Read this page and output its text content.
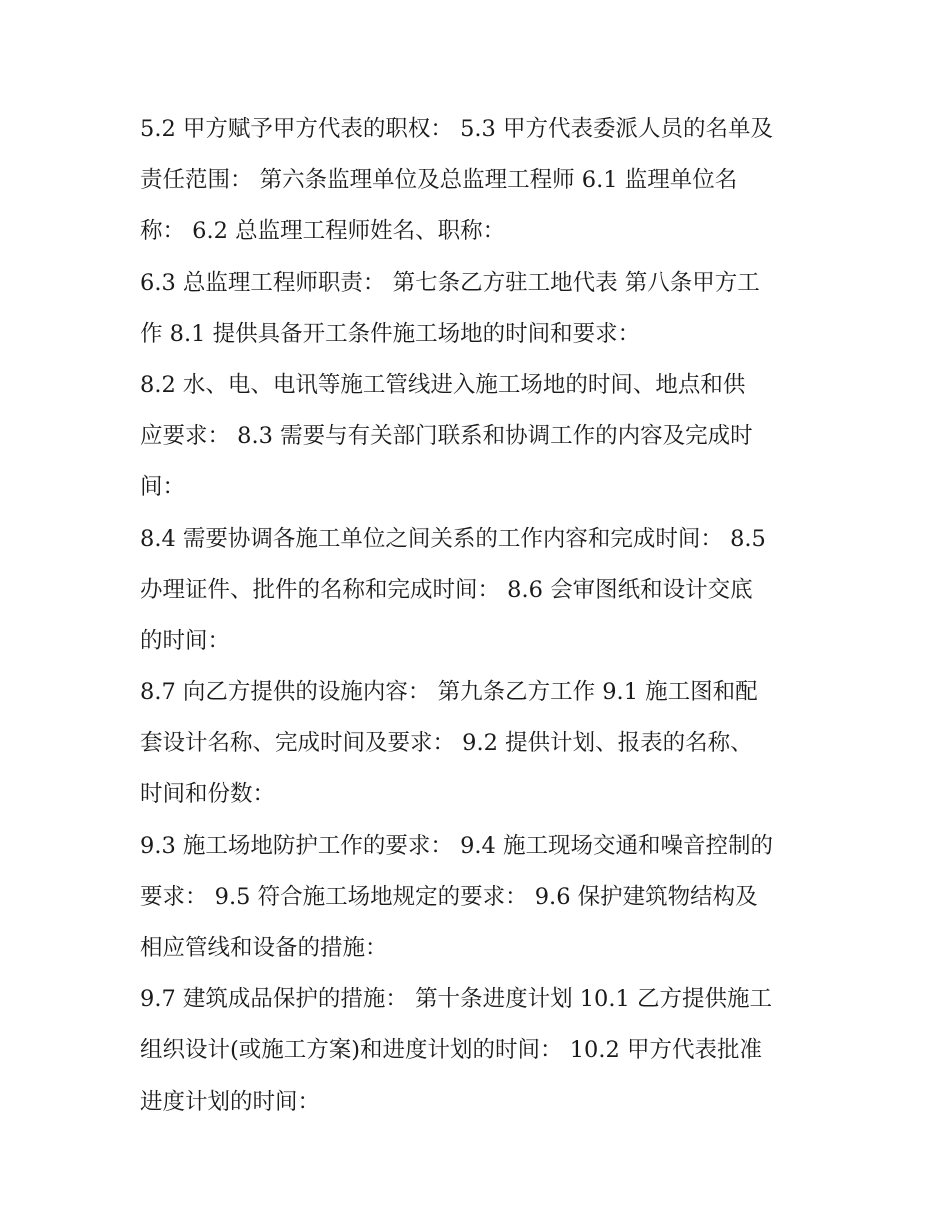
5.2 甲方赋予甲方代表的职权： 5.3 甲方代表委派人员的名单及
责任范围： 第六条监理单位及总监理工程师 6.1 监理单位名
称： 6.2 总监理工程师姓名、职称：
6.3 总监理工程师职责： 第七条乙方驻工地代表 第八条甲方工
作 8.1 提供具备开工条件施工场地的时间和要求：
8.2 水、电、电讯等施工管线进入施工场地的时间、地点和供
应要求： 8.3 需要与有关部门联系和协调工作的内容及完成时
间：
8.4 需要协调各施工单位之间关系的工作内容和完成时间： 8.5
办理证件、批件的名称和完成时间： 8.6 会审图纸和设计交底
的时间：
8.7 向乙方提供的设施内容： 第九条乙方工作 9.1 施工图和配
套设计名称、完成时间及要求： 9.2 提供计划、报表的名称、
时间和份数：
9.3 施工场地防护工作的要求： 9.4 施工现场交通和噪音控制的
要求： 9.5 符合施工场地规定的要求： 9.6 保护建筑物结构及
相应管线和设备的措施：
9.7 建筑成品保护的措施： 第十条进度计划 10.1 乙方提供施工
组织设计(或施工方案)和进度计划的时间： 10.2 甲方代表批准
进度计划的时间：
